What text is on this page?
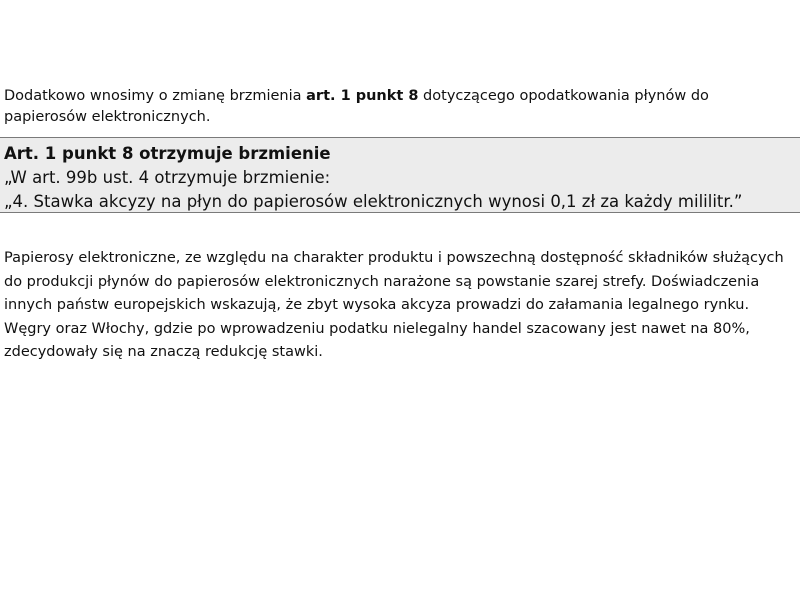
Dodatkowo wnosimy o zmianę brzmienia art. 1 punkt 8 dotyczącego opodatkowania płynów do
papierosów elektronicznych.

Art. 1 punkt 8 otrzymuje brzmienie

„W art. 99b ust. 4 otrzymuje brzmienie:

„4. Stawka akcyzy na płyn do papierosów elektronicznych wynosi 0,1 zł za każdy mililitr.”

Papierosy elektroniczne, ze względu na charakter produktu i powszechną dostępność składników służących
do produkcji płynów do papierosów elektronicznych narażone są powstanie szarej strefy. Doświadczenia
innych państw europejskich wskazują, że zbyt wysoka akcyza prowadzi do załamania legalnego rynku.
Węgry oraz Włochy, gdzie po wprowadzeniu podatku nielegalny handel szacowany jest nawet na 80%,
zdecydowały się na znaczą redukcję stawki.
